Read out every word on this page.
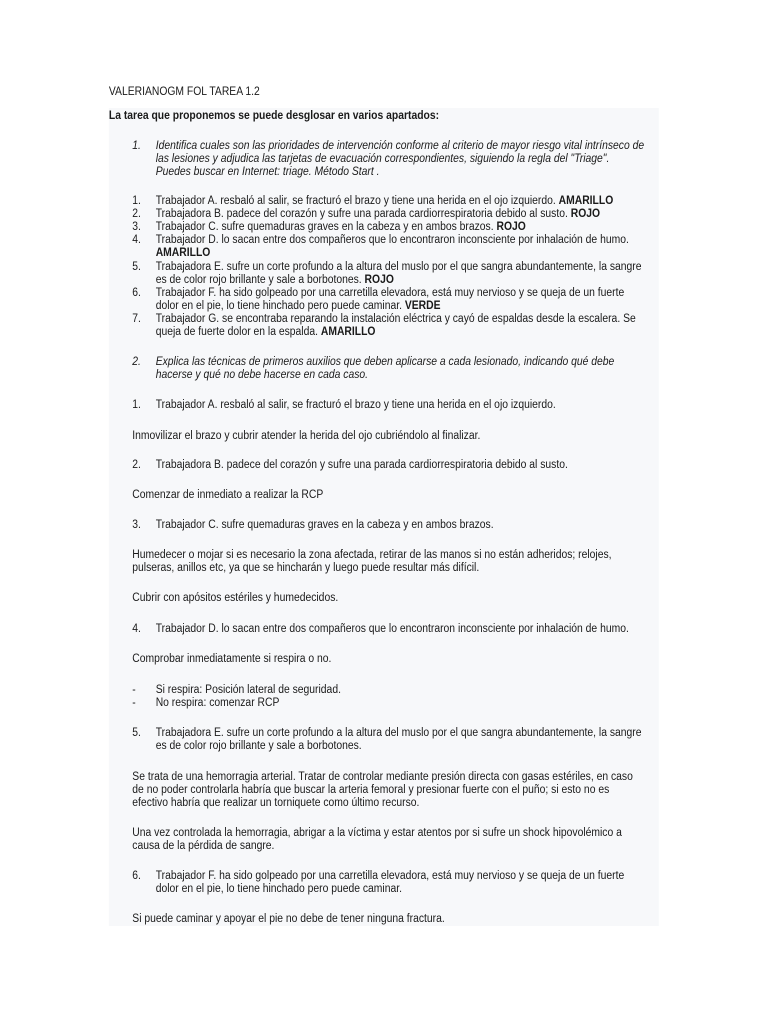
VALERIANOGM FOL TAREA 1.2
La tarea que proponemos se puede desglosar en varios apartados:
1. Identifica cuales son las prioridades de intervención conforme al criterio de mayor riesgo vital intrínseco de
las lesiones y adjudica las tarjetas de evacuación correspondientes, siguiendo la regla del "Triage".
Puedes buscar en Internet: triage. Método Start .
1. Trabajador A. resbaló al salir, se fracturó el brazo y tiene una herida en el ojo izquierdo. AMARILLO
2. Trabajadora B. padece del corazón y sufre una parada cardiorrespiratoria debido al susto. ROJO
3. Trabajador C. sufre quemaduras graves en la cabeza y en ambos brazos. ROJO
4. Trabajador D. lo sacan entre dos compañeros que lo encontraron inconsciente por inhalación de humo.
AMARILLO
5. Trabajadora E. sufre un corte profundo a la altura del muslo por el que sangra abundantemente, la sangre
es de color rojo brillante y sale a borbotones. ROJO
6. Trabajador F. ha sido golpeado por una carretilla elevadora, está muy nervioso y se queja de un fuerte
dolor en el pie, lo tiene hinchado pero puede caminar. VERDE
7. Trabajador G. se encontraba reparando la instalación eléctrica y cayó de espaldas desde la escalera. Se
queja de fuerte dolor en la espalda. AMARILLO
2. Explica las técnicas de primeros auxilios que deben aplicarse a cada lesionado, indicando qué debe
hacerse y qué no debe hacerse en cada caso.
1. Trabajador A. resbaló al salir, se fracturó el brazo y tiene una herida en el ojo izquierdo.
Inmovilizar el brazo y cubrir atender la herida del ojo cubriéndolo al finalizar.
2. Trabajadora B. padece del corazón y sufre una parada cardiorrespiratoria debido al susto.
Comenzar de inmediato a realizar la RCP
3. Trabajador C. sufre quemaduras graves en la cabeza y en ambos brazos.
Humedecer o mojar si es necesario la zona afectada, retirar de las manos si no están adheridos; relojes,
pulseras, anillos etc, ya que se hincharán y luego puede resultar más difícil.
Cubrir con apósitos estériles y humedecidos.
4. Trabajador D. lo sacan entre dos compañeros que lo encontraron inconsciente por inhalación de humo.
Comprobar inmediatamente si respira o no.
- Si respira: Posición lateral de seguridad.
- No respira: comenzar RCP
5. Trabajadora E. sufre un corte profundo a la altura del muslo por el que sangra abundantemente, la sangre
es de color rojo brillante y sale a borbotones.
Se trata de una hemorragia arterial. Tratar de controlar mediante presión directa con gasas estériles, en caso
de no poder controlarla habría que buscar la arteria femoral y presionar fuerte con el puño; si esto no es
efectivo habría que realizar un torniquete como último recurso.
Una vez controlada la hemorragia, abrigar a la víctima y estar atentos por si sufre un shock hipovolémico a
causa de la pérdida de sangre.
6. Trabajador F. ha sido golpeado por una carretilla elevadora, está muy nervioso y se queja de un fuerte
dolor en el pie, lo tiene hinchado pero puede caminar.
Si puede caminar y apoyar el pie no debe de tener ninguna fractura.
